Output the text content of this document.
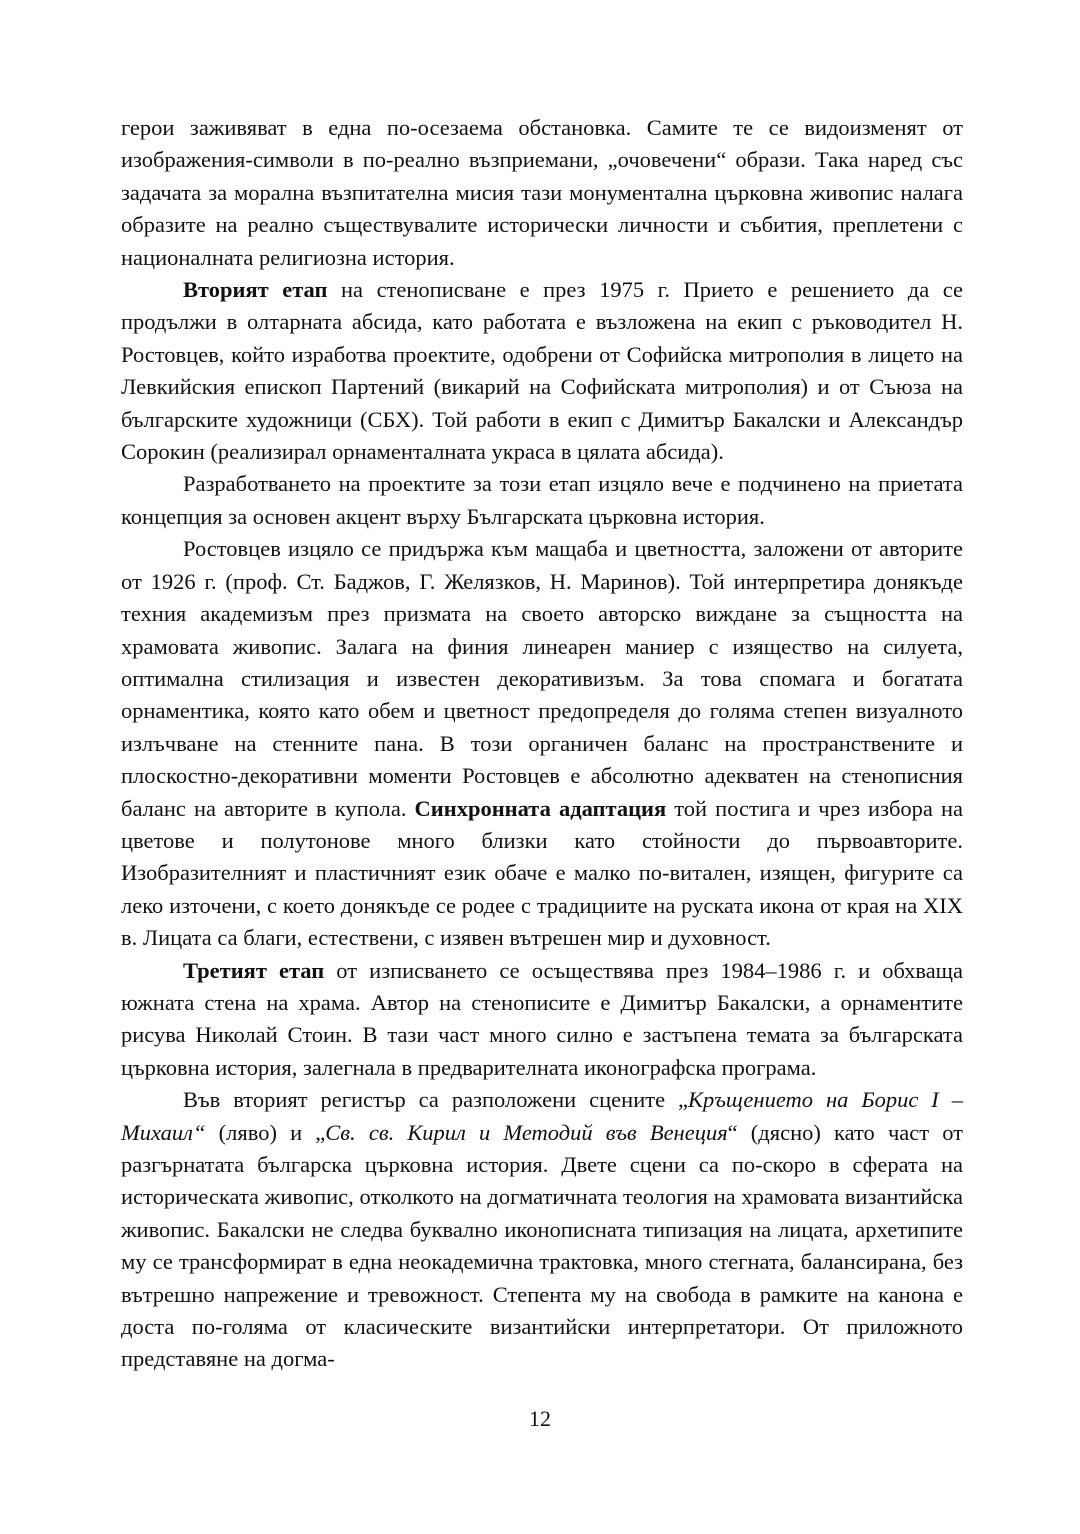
герои заживяват в една по-осезаема обстановка. Самите те се видоизменят от изображения-символи в по-реално възприемани, „очовечени“ образи. Така наред със задачата за морална възпитателна мисия тази монументална църковна живопис налага образите на реално съществувалите исторически личности и събития, преплетени с националната религиозна история.

Вторият етап на стенописване е през 1975 г. Прието е решението да се продължи в олтарната абсида, като работата е възложена на екип с ръководител Н. Ростовцев, който изработва проектите, одобрени от Софийска митрополия в лицето на Левкийския епископ Партений (викарий на Софийската митрополия) и от Съюза на българските художници (СБХ). Той работи в екип с Димитър Бакалски и Александър Сорокин (реализирал орнаменталната украса в цялата абсида).

Разработването на проектите за този етап изцяло вече е подчинено на приетата концепция за основен акцент върху Българската църковна история.

Ростовцев изцяло се придържа към мащаба и цветността, заложени от авторите от 1926 г. (проф. Ст. Баджов, Г. Желязков, Н. Маринов). Той интерпретира донякъде техния академизъм през призмата на своето авторско виждане за същността на храмовата живопис. Залага на финия линеарен маниер с изящество на силуета, оптимална стилизация и известен декоративизъм. За това спомага и богатата орнаментика, която като обем и цветност предопределя до голяма степен визуалното излъчване на стенните пана. В този органичен баланс на пространствените и плоскостно-декоративни моменти Ростовцев е абсолютно адекватен на стенописния баланс на авторите в купола. Синхронната адаптация той постига и чрез избора на цветове и полутонове много близки като стойности до първоавторите. Изобразителният и пластичният език обаче е малко по-витален, изящен, фигурите са леко източени, с което донякъде се родее с традициите на руската икона от края на XIX в. Лицата са благи, естествени, с изявен вътрешен мир и духовност.

Третият етап от изписването се осъществява през 1984–1986 г. и обхваща южната стена на храма. Автор на стенописите е Димитър Бакалски, а орнаментите рисува Николай Стоин. В тази част много силно е застъпена темата за българската църковна история, залегнала в предварителната иконографска програма.

Във вторият регистър са разположени сцените „Кръщението на Борис I – Михаил“ (ляво) и „Св. св. Кирил и Методий във Венеция“ (дясно) като част от разгърнатата българска църковна история. Двете сцени са по-скоро в сферата на историческата живопис, отколкото на догматичната теология на храмовата византийска живопис. Бакалски не следва буквално иконописната типизация на лицата, архетипите му се трансформират в една неокадемична трактовка, много стегната, балансирана, без вътрешно напрежение и тревожност. Степента му на свобода в рамките на канона е доста по-голяма от класическите византийски интерпретатори. От приложното представяне на догма-

12
